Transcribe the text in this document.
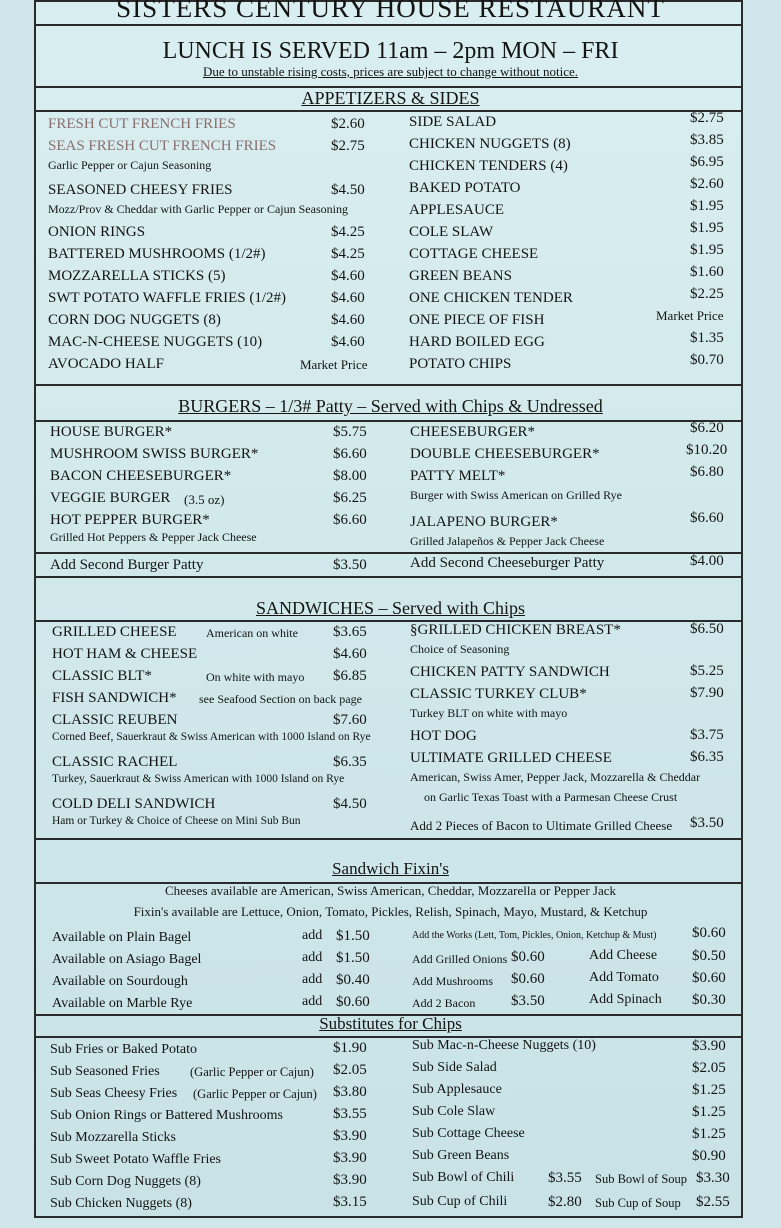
SISTERS CENTURY HOUSE RESTAURANT
LUNCH IS SERVED 11am – 2pm MON – FRI
Due to unstable rising costs, prices are subject to change without notice.
APPETIZERS & SIDES
FRESH CUT FRENCH FRIES	$2.60
SEAS FRESH CUT FRENCH FRIES	$2.75
Garlic Pepper or Cajun Seasoning
SEASONED CHEESY FRIES	$4.50
Mozz/Prov & Cheddar with Garlic Pepper or Cajun Seasoning
ONION RINGS	$4.25
BATTERED MUSHROOMS (1/2#)	$4.25
MOZZARELLA STICKS (5)	$4.60
SWT POTATO WAFFLE FRIES (1/2#)	$4.60
CORN DOG NUGGETS (8)	$4.60
MAC-N-CHEESE NUGGETS (10)	$4.60
AVOCADO HALF	Market Price
SIDE SALAD	$2.75
CHICKEN NUGGETS (8)	$3.85
CHICKEN TENDERS (4)	$6.95
BAKED POTATO	$2.60
APPLESAUCE	$1.95
COLE SLAW	$1.95
COTTAGE CHEESE	$1.95
GREEN BEANS	$1.60
ONE CHICKEN TENDER	$2.25
ONE PIECE OF FISH	Market Price
HARD BOILED EGG	$1.35
POTATO CHIPS	$0.70
BURGERS – 1/3# Patty – Served with Chips & Undressed
HOUSE BURGER*	$5.75
MUSHROOM SWISS BURGER*	$6.60
BACON CHEESEBURGER*	$8.00
VEGGIE BURGER (3.5 oz)	$6.25
HOT PEPPER BURGER*	$6.60
Grilled Hot Peppers & Pepper Jack Cheese
CHEESEBURGER*	$6.20
DOUBLE CHEESEBURGER*	$10.20
PATTY MELT*	$6.80
Burger with Swiss American on Grilled Rye
JALAPENO BURGER*	$6.60
Grilled Jalapeños & Pepper Jack Cheese
Add Second Burger Patty	$3.50	Add Second Cheeseburger Patty	$4.00
SANDWICHES – Served with Chips
GRILLED CHEESE American on white $3.65
HOT HAM & CHEESE	$4.60
CLASSIC BLT*	On white with mayo $6.85
FISH SANDWICH* see Seafood Section on back page
CLASSIC REUBEN	$7.60
Corned Beef, Sauerkraut & Swiss American with 1000 Island on Rye
CLASSIC RACHEL	$6.35
Turkey, Sauerkraut & Swiss American with 1000 Island on Rye
COLD DELI SANDWICH	$4.50
Ham or Turkey & Choice of Cheese on Mini Sub Bun
§GRILLED CHICKEN BREAST*	$6.50
Choice of Seasoning
CHICKEN PATTY SANDWICH	$5.25
CLASSIC TURKEY CLUB*	$7.90
Turkey BLT on white with mayo
HOT DOG	$3.75
ULTIMATE GRILLED CHEESE	$6.35
American, Swiss Amer, Pepper Jack, Mozzarella & Cheddar
on Garlic Texas Toast with a Parmesan Cheese Crust
Add 2 Pieces of Bacon to Ultimate Grilled Cheese $3.50
Sandwich Fixin's
Cheeses available are American, Swiss American, Cheddar, Mozzarella or Pepper Jack
Fixin's available are Lettuce, Onion, Tomato, Pickles, Relish, Spinach, Mayo, Mustard, & Ketchup
Available on Plain Bagel	add $1.50
Available on Asiago Bagel	add $1.50
Available on Sourdough	add $0.40
Available on Marble Rye	add $0.60
Add the Works (Lett, Tom, Pickles, Onion, Ketchup & Must) $0.60
Add Grilled Onions $0.60
Add Mushrooms $0.60
Add 2 Bacon $3.50
Add Cheese $0.50
Add Tomato $0.60
Add Spinach $0.30
Substitutes for Chips
Sub Fries or Baked Potato	$1.90
Sub Seasoned Fries (Garlic Pepper or Cajun) $2.05
Sub Seas Cheesy Fries (Garlic Pepper or Cajun) $3.80
Sub Onion Rings or Battered Mushrooms	$3.55
Sub Mozzarella Sticks	$3.90
Sub Sweet Potato Waffle Fries	$3.90
Sub Corn Dog Nuggets (8)	$3.90
Sub Chicken Nuggets (8)	$3.15
Sub Mac-n-Cheese Nuggets (10)	$3.90
Sub Side Salad	$2.05
Sub Applesauce	$1.25
Sub Cole Slaw	$1.25
Sub Cottage Cheese	$1.25
Sub Green Beans	$0.90
Sub Bowl of Chili $3.55 Sub Bowl of Soup $3.30
Sub Cup of Chili	$2.80 Sub Cup of Soup $2.55
